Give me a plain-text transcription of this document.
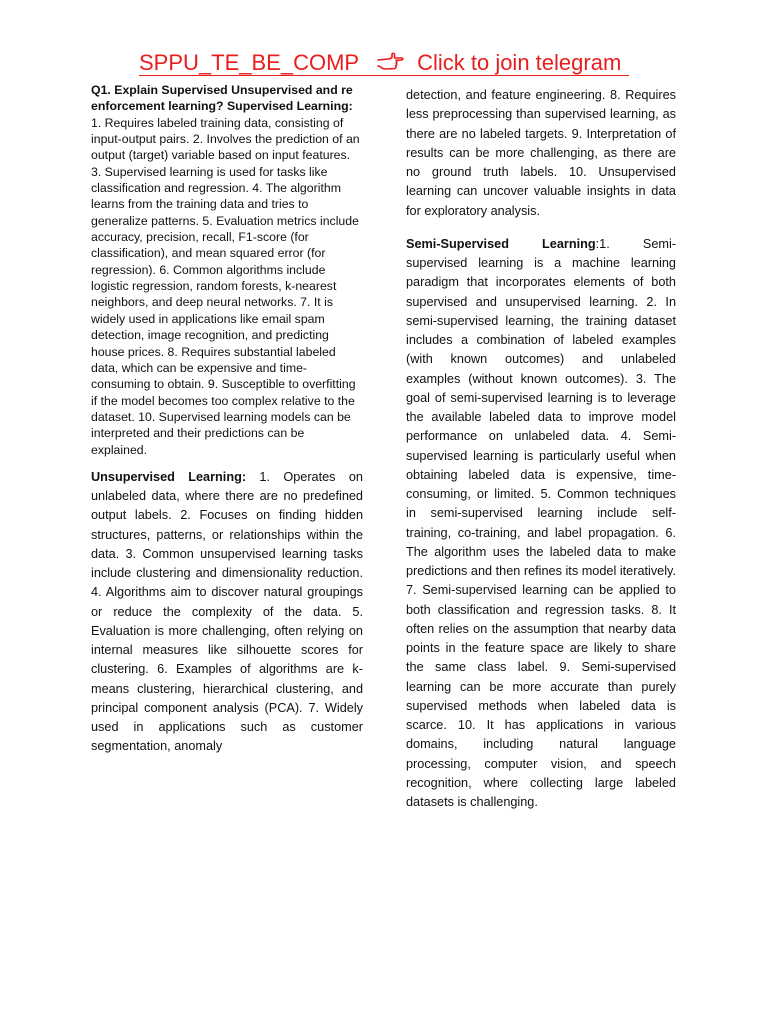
SPPU_TE_BE_COMP	Click to join telegram

Q1. Explain Supervised Unsupervised and re enforcement learning? Supervised Learning:
1. Requires labeled training data, consisting of input-output pairs. 2. Involves the prediction of an output (target) variable based on input features. 3. Supervised learning is used for tasks like classification and regression. 4. The algorithm learns from the training data and tries to generalize patterns. 5. Evaluation metrics include accuracy, precision, recall, F1-score (for classification), and mean squared error (for regression). 6. Common algorithms include logistic regression, random forests, k-nearest neighbors, and deep neural networks. 7. It is widely used in applications like email spam detection, image recognition, and predicting house prices. 8. Requires substantial labeled data, which can be expensive and time- consuming to obtain. 9. Susceptible to overfitting if the model becomes too complex relative to the dataset. 10. Supervised learning models can be interpreted and their predictions can be explained.

Unsupervised Learning: 1. Operates on unlabeled data, where there are no predefined output labels. 2. Focuses on finding hidden structures, patterns, or relationships within the data. 3. Common unsupervised learning tasks include clustering and dimensionality reduction. 4. Algorithms aim to discover natural groupings or reduce the complexity of the data. 5. Evaluation is more challenging, often relying on internal measures like silhouette scores for clustering. 6. Examples of algorithms are k-means clustering, hierarchical clustering, and principal component analysis (PCA). 7. Widely used in applications such as customer segmentation, anomaly

detection, and feature engineering. 8. Requires less preprocessing than supervised learning, as there are no labeled targets. 9. Interpretation of results can be more challenging, as there are no ground truth labels. 10. Unsupervised learning can uncover valuable insights in data for exploratory analysis.

Semi-Supervised Learning:1. Semi-supervised learning is a machine learning paradigm that incorporates elements of both supervised and unsupervised learning. 2. In semi-supervised learning, the training dataset includes a combination of labeled examples (with known outcomes) and unlabeled examples (without known outcomes). 3. The goal of semi-supervised learning is to leverage the available labeled data to improve model performance on unlabeled data. 4. Semi-supervised learning is particularly useful when obtaining labeled data is expensive, time-consuming, or limited. 5. Common techniques in semi-supervised learning include self-training, co-training, and label propagation. 6. The algorithm uses the labeled data to make predictions and then refines its model iteratively. 7. Semi-supervised learning can be applied to both classification and regression tasks. 8. It often relies on the assumption that nearby data points in the feature space are likely to share the same class label. 9. Semi-supervised learning can be more accurate than purely supervised methods when labeled data is scarce. 10. It has applications in various domains, including natural language processing, computer vision, and speech recognition, where collecting large labeled datasets is challenging.
